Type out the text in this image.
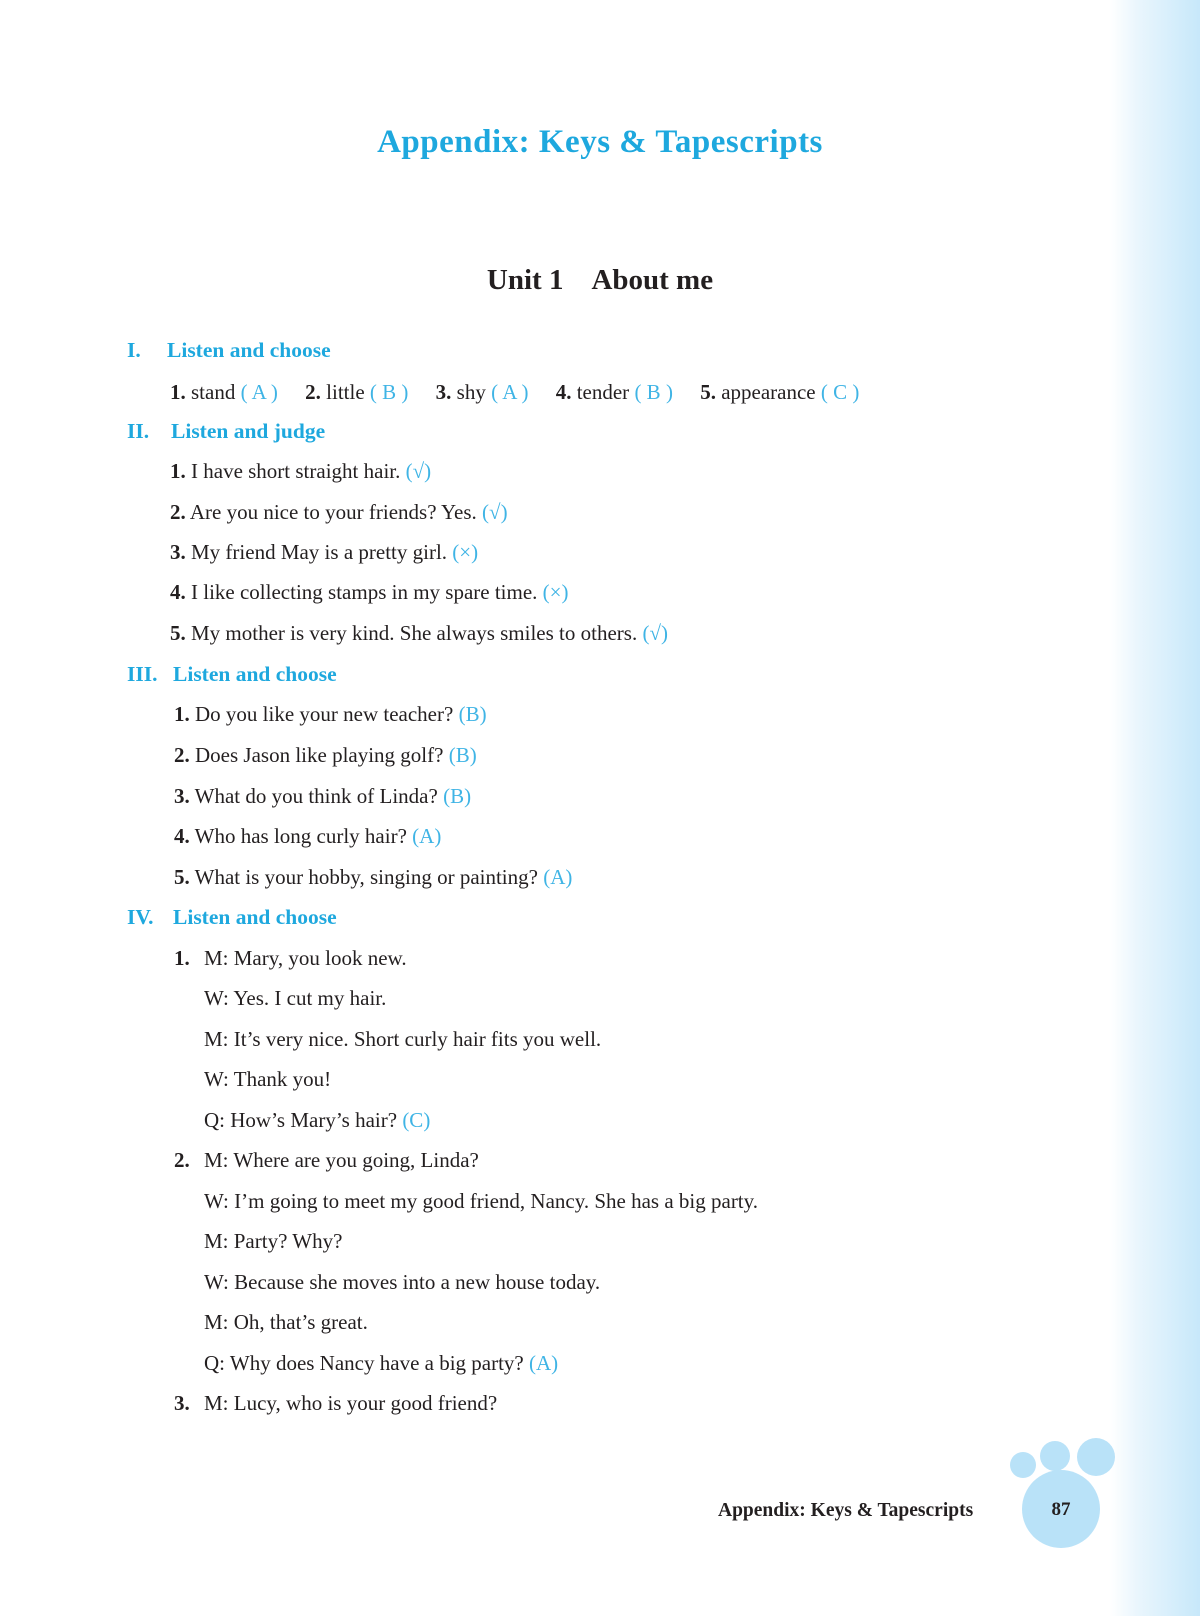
Appendix: Keys & Tapescripts
Unit 1 About me
I. Listen and choose
1. stand ( A ) 2. little ( B ) 3. shy ( A ) 4. tender ( B ) 5. appearance ( C )
II. Listen and judge
1. I have short straight hair. (√)
2. Are you nice to your friends? Yes. (√)
3. My friend May is a pretty girl. (×)
4. I like collecting stamps in my spare time. (×)
5. My mother is very kind. She always smiles to others. (√)
III. Listen and choose
1. Do you like your new teacher? (B)
2. Does Jason like playing golf? (B)
3. What do you think of Linda? (B)
4. Who has long curly hair? (A)
5. What is your hobby, singing or painting? (A)
IV. Listen and choose
1. M: Mary, you look new.
W: Yes. I cut my hair.
M: It’s very nice. Short curly hair fits you well.
W: Thank you!
Q: How’s Mary’s hair? (C)
2. M: Where are you going, Linda?
W: I’m going to meet my good friend, Nancy. She has a big party.
M: Party? Why?
W: Because she moves into a new house today.
M: Oh, that’s great.
Q: Why does Nancy have a big party? (A)
3. M: Lucy, who is your good friend?
Appendix: Keys & Tapescripts	87
